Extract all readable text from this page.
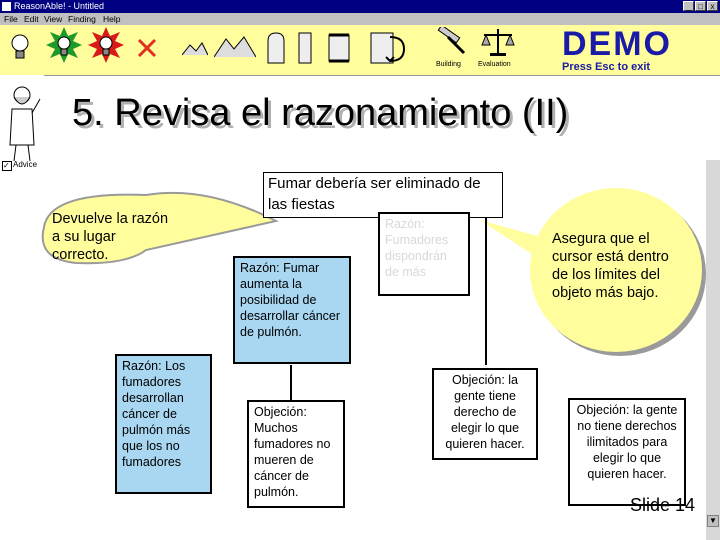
ReasonAble! - Untitled	_ □ x
File Edit View Finding Help
Building Evaluation
DEMO
Press Esc to exit
✓ Advice
5. Revisa el razonamiento (II)
Devuelve la razón a su lugar correcto.
Asegura que el cursor está dentro de los límites del objeto más bajo.
Fumar debería ser eliminado de las fiestas
Razón: Fumadores dispondrán de más
Razón: Fumar aumenta la posibilidad de desarrollar cáncer de pulmón.
Razón: Los fumadores desarrollan cáncer de pulmón más que los no fumadores
Objeción: Muchos fumadores no mueren de cáncer de pulmón.
Objeción: la gente tiene derecho de elegir lo que quieren hacer.
Objeción: la gente no tiene derechos ilimitados para elegir lo que quieren hacer.
Slide 14
▼
